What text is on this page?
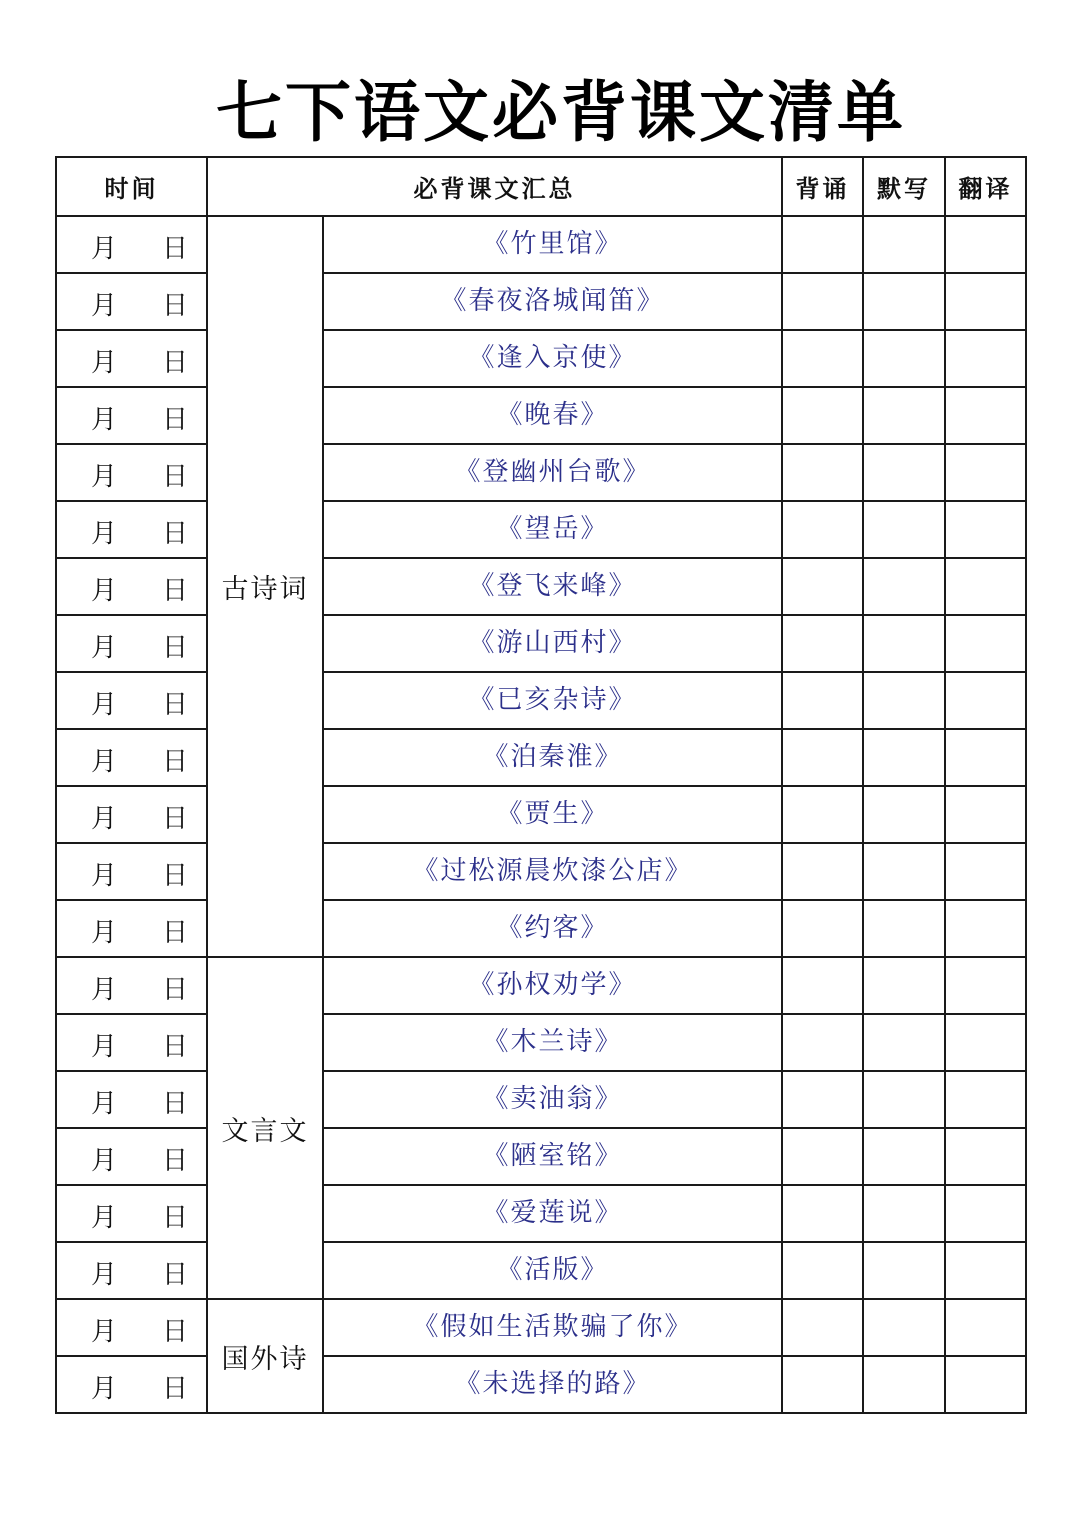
七下语文必背课文清单
时间	必背课文汇总		背诵	默写	翻译

月 日	古诗词	《竹里馆》			

月 日		《春夜洛城闻笛》			

月 日		《逢入京使》			

月 日		《晚春》			

月 日		《登幽州台歌》			

月 日		《望岳》			

月 日		《登飞来峰》			

月 日		《游山西村》			

月 日		《已亥杂诗》			

月 日		《泊秦淮》			

月 日		《贾生》			

月 日		《过松源晨炊漆公店》			

月 日		《约客》			

月 日	文言文	《孙权劝学》			

月 日		《木兰诗》			

月 日		《卖油翁》			

月 日		《陋室铭》			

月 日		《爱莲说》			

月 日		《活版》			

月 日	国外诗	《假如生活欺骗了你》			

月 日		《未选择的路》			
